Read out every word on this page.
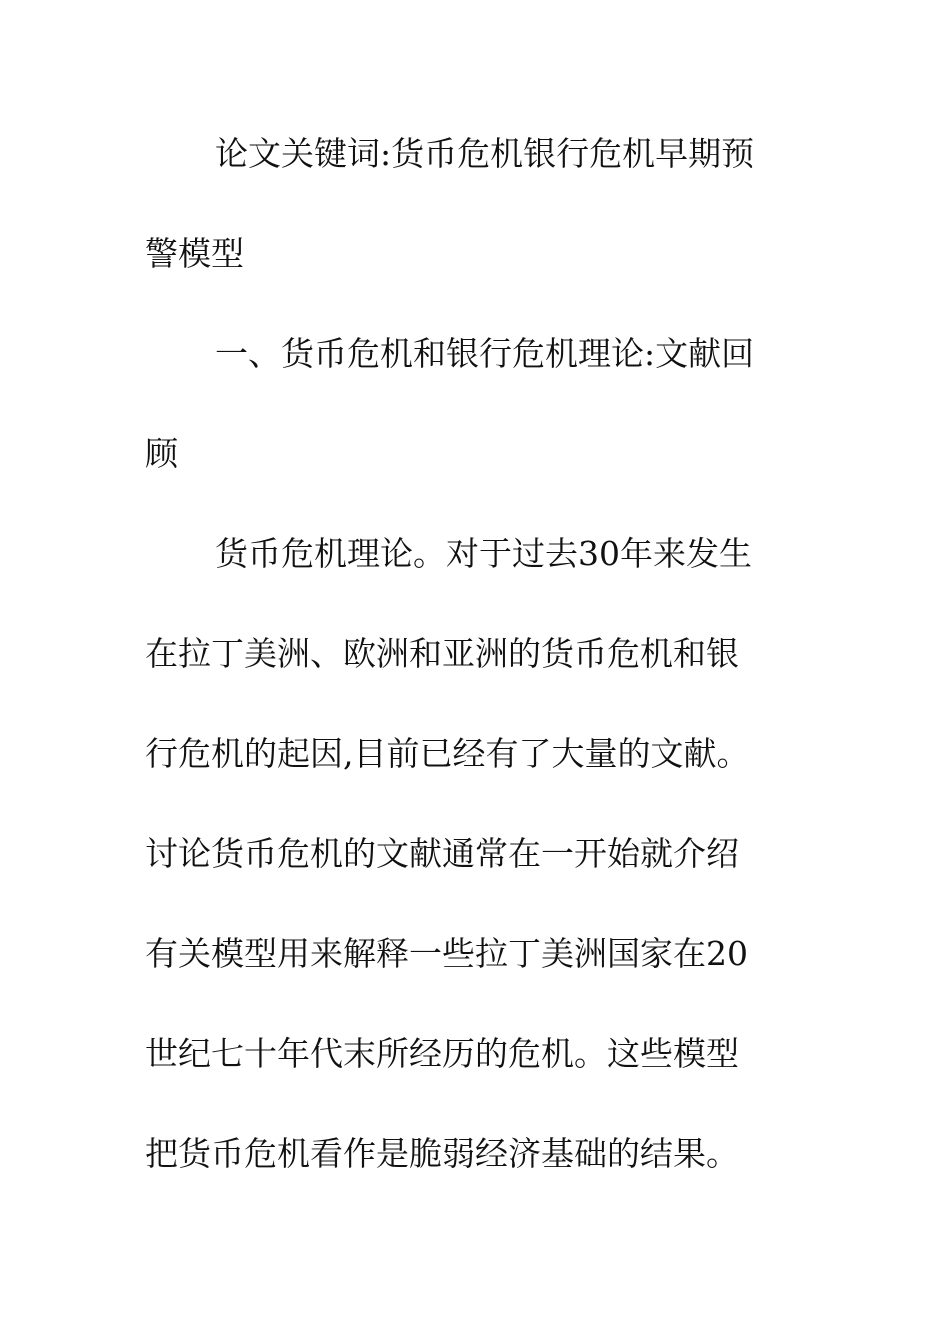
论文关键词:货币危机银行危机早期预

警模型

一、货币危机和银行危机理论:文献回

顾

货币危机理论。对于过去30年来发生

在拉丁美洲、欧洲和亚洲的货币危机和银

行危机的起因,目前已经有了大量的文献。

讨论货币危机的文献通常在一开始就介绍

有关模型用来解释一些拉丁美洲国家在20

世纪七十年代末所经历的危机。这些模型

把货币危机看作是脆弱经济基础的结果。
